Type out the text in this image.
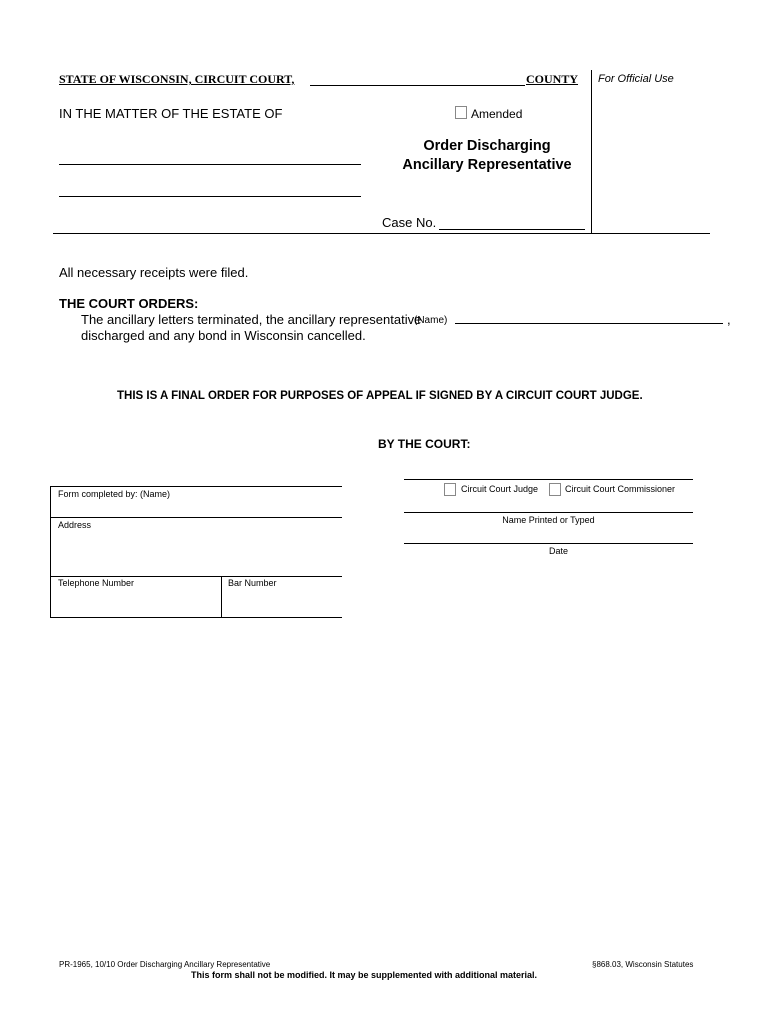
STATE OF WISCONSIN, CIRCUIT COURT,	COUNTY For Official Use
IN THE MATTER OF THE ESTATE OF	Amended
Order Discharging
Ancillary Representative
Case No.
All necessary receipts were filed.
THE COURT ORDERS:
The ancillary letters terminated, the ancillary representative
(Name)	,
discharged and any bond in Wisconsin cancelled.
THIS IS A FINAL ORDER FOR PURPOSES OF APPEAL IF SIGNED BY A CIRCUIT COURT JUDGE.
BY THE COURT:
Circuit Court Judge	Circuit Court Commissioner
Name Printed or Typed
Date
Form completed by: (Name)
Address
Telephone Number	Bar Number
PR-1965, 10/10 Order Discharging Ancillary Representative	§868.03, Wisconsin Statutes
This form shall not be modified. It may be supplemented with additional material.
